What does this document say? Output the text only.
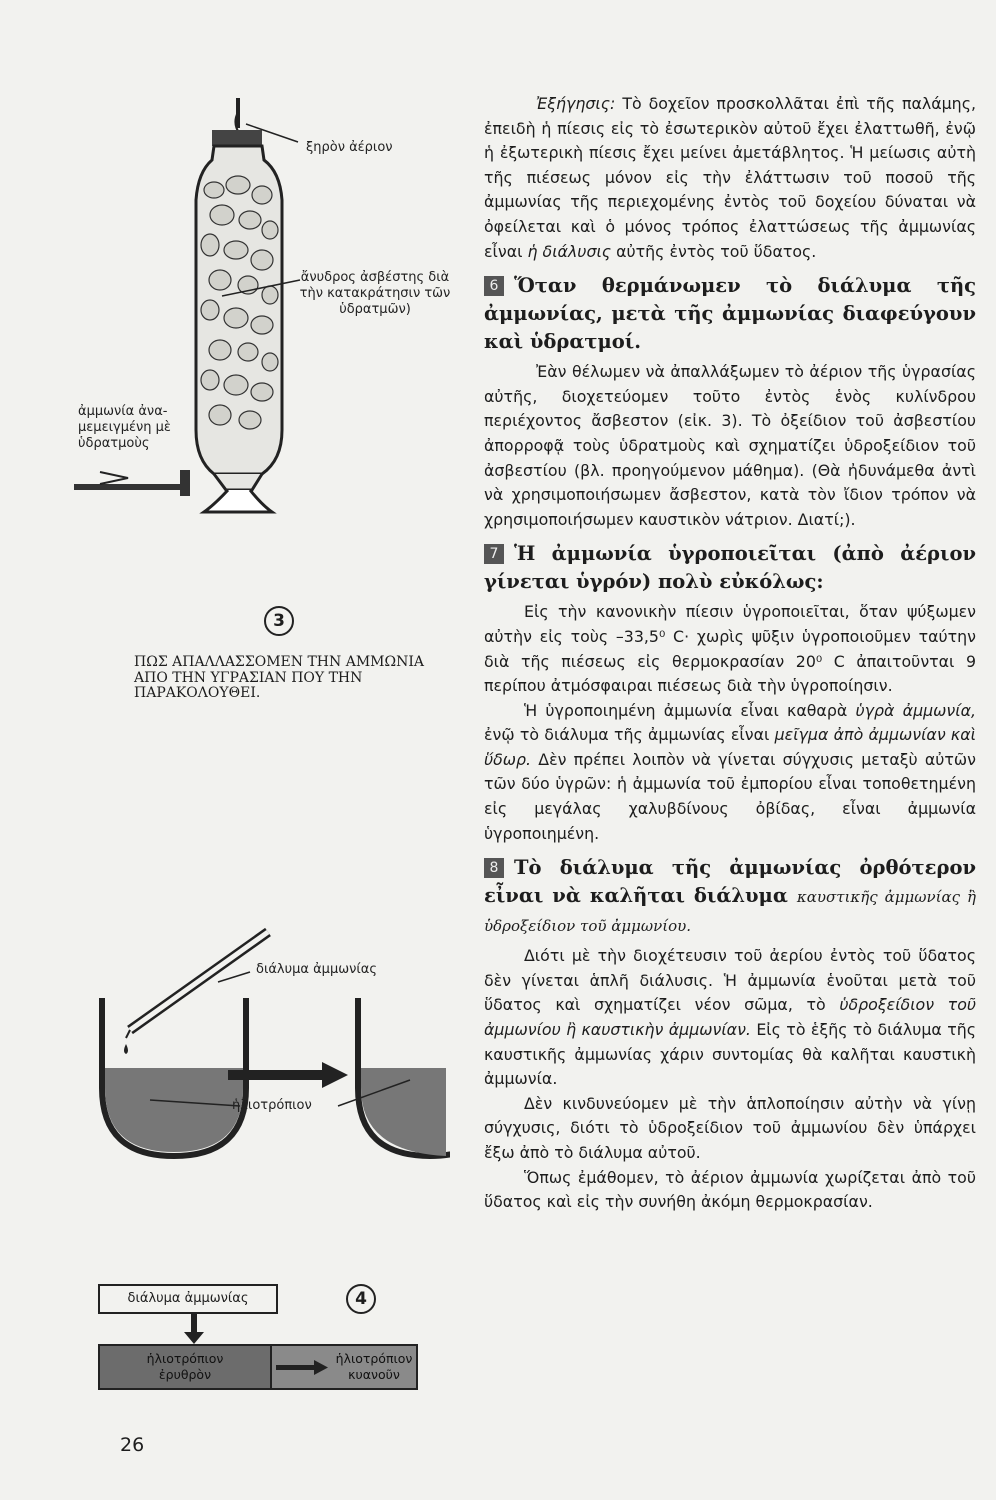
ξηρὸν ἀέριον
ἄνυδρος ἀσβέστης διὰ τὴν κατακράτησιν τῶν ὑδρατμῶν)
ἀμμωνία ἀνα-μεμειγμένη μὲ ὑδρατμοὺς
3
ΠΩΣ ΑΠΑΛΛΑΣΣΟΜΕΝ ΤΗΝ ΑΜΜΩΝΙΑ ΑΠΟ ΤΗΝ ΥΓΡΑΣΙΑΝ ΠΟΥ ΤΗΝ ΠΑΡΑΚΟΛΟΥΘΕΙ.
διάλυμα ἀμμωνίας
ἡλιοτρόπιον
διάλυμα ἀμμωνίας	4
ἡλιοτρόπιον ἐρυθρὸν
ἡλιοτρόπιον κυανοῦν
26

Ἐξήγησις: Τὸ δοχεῖον προσκολλᾶται ἐπὶ τῆς παλάμης, ἐπειδὴ ἡ πίεσις εἰς τὸ ἐσωτερικὸν αὐτοῦ ἔχει ἐλαττωθῆ, ἐνῷ ἡ ἐξωτερικὴ πίεσις ἔχει μείνει ἀμετάβλητος. Ἡ μείωσις αὐτὴ τῆς πιέσεως μόνον εἰς τὴν ἐλάττωσιν τοῦ ποσοῦ τῆς ἀμμωνίας τῆς περιεχομένης ἐντὸς τοῦ δοχείου δύναται νὰ ὀφείλεται καὶ ὁ μόνος τρόπος ἐλαττώσεως τῆς ἀμμωνίας εἶναι ἡ διάλυσις αὐτῆς ἐντὸς τοῦ ὕδατος.

6 Ὅταν θερμάνωμεν τὸ διάλυμα τῆς ἀμμωνίας, μετὰ τῆς ἀμμωνίας διαφεύγουν καὶ ὑδρατμοί.

Ἐὰν θέλωμεν νὰ ἀπαλλάξωμεν τὸ ἀέριον τῆς ὑγρασίας αὐτῆς, διοχετεύομεν τοῦτο ἐντὸς ἑνὸς κυλίνδρου περιέχοντος ἄσβεστον (εἰκ. 3). Τὸ ὀξείδιον τοῦ ἀσβεστίου ἀπορροφᾷ τοὺς ὑδρατμοὺς καὶ σχηματίζει ὑδροξείδιον τοῦ ἀσβεστίου (βλ. προηγούμενον μάθημα). (Θὰ ἠδυνάμεθα ἀντὶ νὰ χρησιμοποιήσωμεν ἄσβεστον, κατὰ τὸν ἴδιον τρόπον νὰ χρησιμοποιήσωμεν καυστικὸν νάτριον. Διατί;).

7 Ἡ ἀμμωνία ὑγροποιεῖται (ἀπὸ ἀέριον γίνεται ὑγρόν) πολὺ εὐκόλως:

Εἰς τὴν κανονικὴν πίεσιν ὑγροποιεῖται, ὅταν ψύξωμεν αὐτὴν εἰς τοὺς –33,5⁰ C· χωρὶς ψῦξιν ὑγροποιοῦμεν ταύτην διὰ τῆς πιέσεως εἰς θερμοκρασίαν 20⁰ C ἀπαιτοῦνται 9 περίπου ἀτμόσφαιραι πιέσεως διὰ τὴν ὑγροποίησιν.

Ἡ ὑγροποιημένη ἀμμωνία εἶναι καθαρὰ ὑγρὰ ἀμμωνία, ἐνῷ τὸ διάλυμα τῆς ἀμμωνίας εἶναι μεῖγμα ἀπὸ ἀμμωνίαν καὶ ὕδωρ. Δὲν πρέπει λοιπὸν νὰ γίνεται σύγχυσις μεταξὺ αὐτῶν τῶν δύο ὑγρῶν: ἡ ἀμμωνία τοῦ ἐμπορίου εἶναι τοποθετημένη εἰς μεγάλας χαλυβδίνους ὀβίδας, εἶναι ἀμμωνία ὑγροποιημένη.

8 Τὸ διάλυμα τῆς ἀμμωνίας ὀρθότερον εἶναι νὰ καλῆται διάλυμα καυστικῆς ἀμμωνίας ἢ ὑδροξείδιον τοῦ ἀμμωνίου.

Διότι μὲ τὴν διοχέτευσιν τοῦ ἀερίου ἐντὸς τοῦ ὕδατος δὲν γίνεται ἁπλῆ διάλυσις. Ἡ ἀμμωνία ἑνοῦται μετὰ τοῦ ὕδατος καὶ σχηματίζει νέον σῶμα, τὸ ὑδροξείδιον τοῦ ἀμμωνίου ἢ καυστικὴν ἀμμωνίαν. Εἰς τὸ ἑξῆς τὸ διάλυμα τῆς καυστικῆς ἀμμωνίας χάριν συντομίας θὰ καλῆται καυστικὴ ἀμμωνία.

Δὲν κινδυνεύομεν μὲ τὴν ἁπλοποίησιν αὐτὴν νὰ γίνῃ σύγχυσις, διότι τὸ ὑδροξείδιον τοῦ ἀμμωνίου δὲν ὑπάρχει ἔξω ἀπὸ τὸ διάλυμα αὐτοῦ.

Ὅπως ἐμάθομεν, τὸ ἀέριον ἀμμωνία χωρίζεται ἀπὸ τοῦ ὕδατος καὶ εἰς τὴν συνήθη ἀκόμη θερμοκρασίαν.
